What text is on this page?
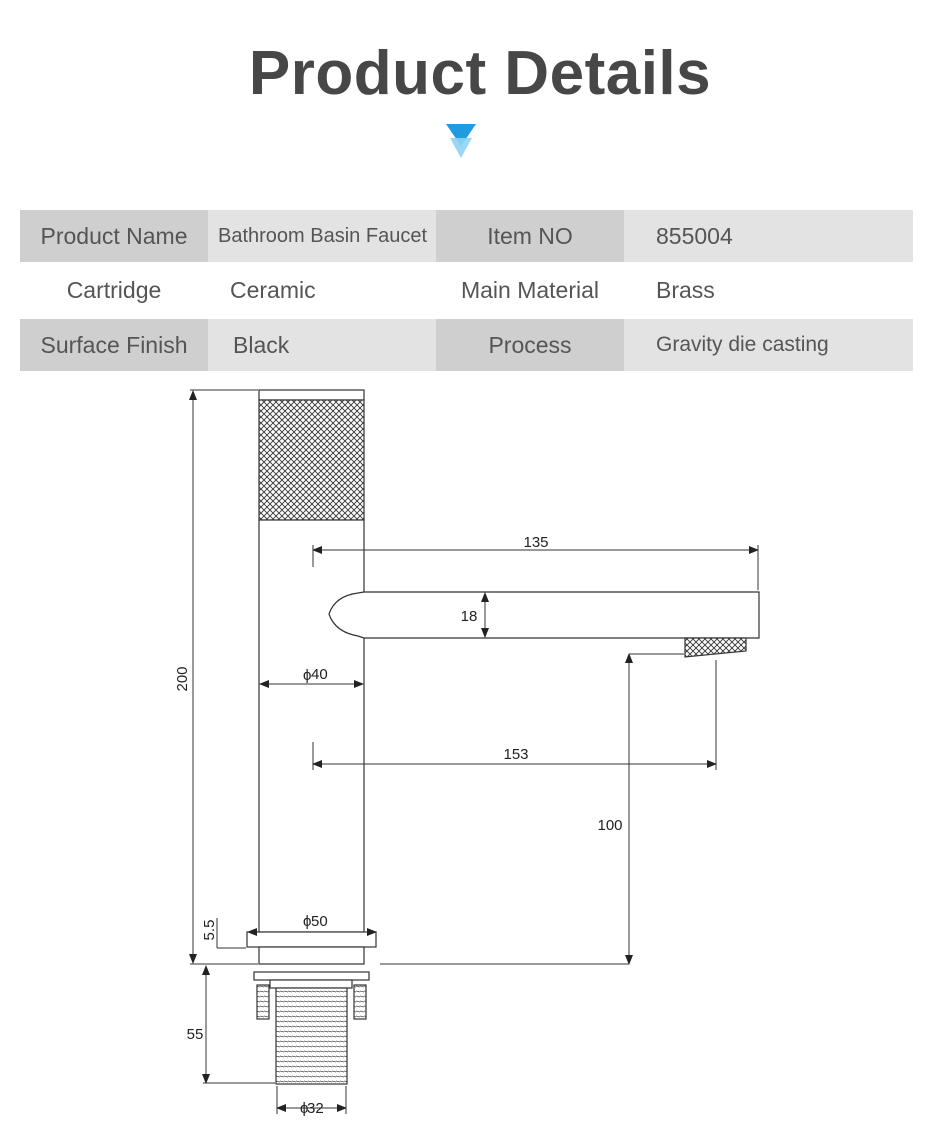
Product Details
Product Name	Bathroom Basin Faucet	Item NO	855004
Cartridge	Ceramic	Main Material	Brass
Surface Finish	Black	Process	Gravity die casting
135
18
ϕ 40
153
100
200
ϕ 50
5.5
55
ϕ
32
